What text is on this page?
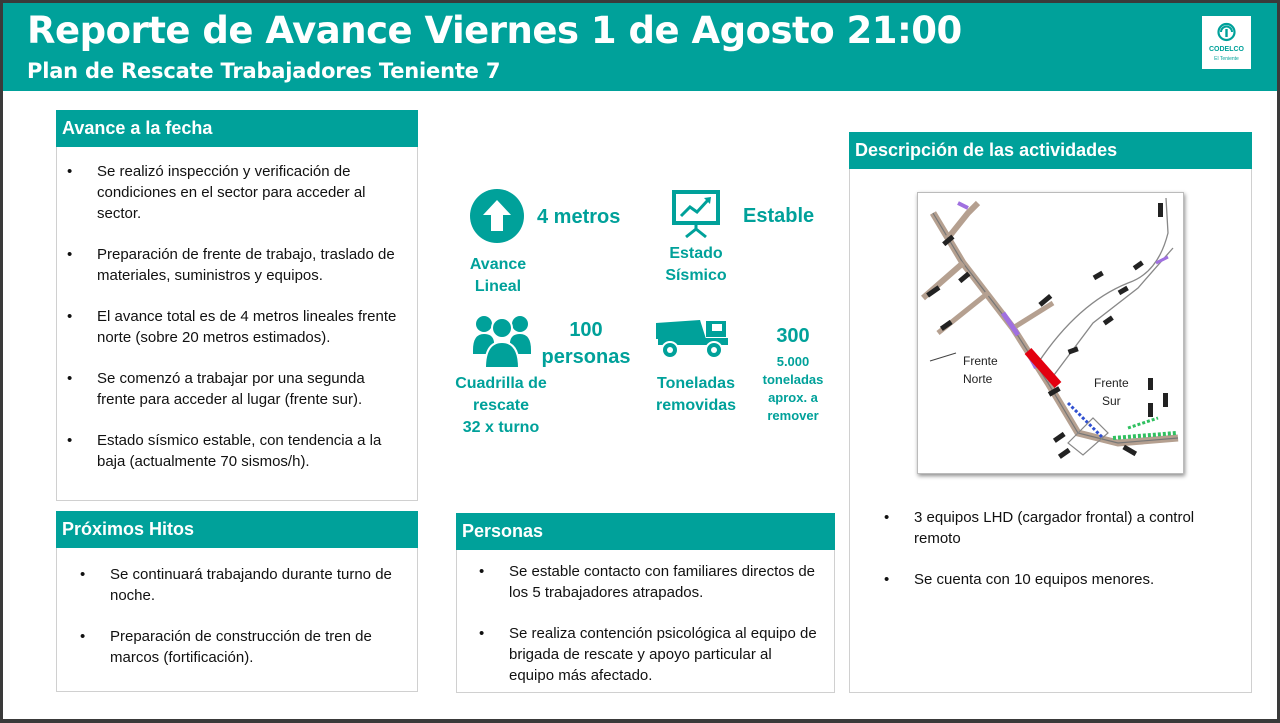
Reporte de Avance Viernes 1 de Agosto 21:00
Plan de Rescate Trabajadores Teniente 7
CODELCO
El Teniente
Avance a la fecha
• Se realizó inspección y verificación de condiciones en el sector para acceder al sector.
• Preparación de frente de trabajo, traslado de materiales, suministros y equipos.
• El avance total es de 4 metros lineales frente norte (sobre 20 metros estimados).
• Se comenzó a trabajar por una segunda frente para acceder al lugar (frente sur).
• Estado sísmico estable, con tendencia a la baja (actualmente 70 sismos/h).
Próximos Hitos
• Se continuará trabajando durante turno de noche.
• Preparación de construcción de tren de marcos (fortificación).
4 metros
Avance
Lineal
Estable
Estado
Sísmico
100
personas
Cuadrilla de
rescate
32 x turno
Toneladas
removidas
300
5.000
toneladas
aprox. a
remover
Personas
• Se estable contacto con familiares directos de los 5 trabajadores atrapados.
• Se realiza contención psicológica al equipo de brigada de rescate y apoyo particular al equipo más afectado.
Descripción de las actividades
• 3 equipos LHD (cargador frontal) a control remoto
• Se cuenta con 10 equipos menores.
Frente
Norte	Frente
Sur
